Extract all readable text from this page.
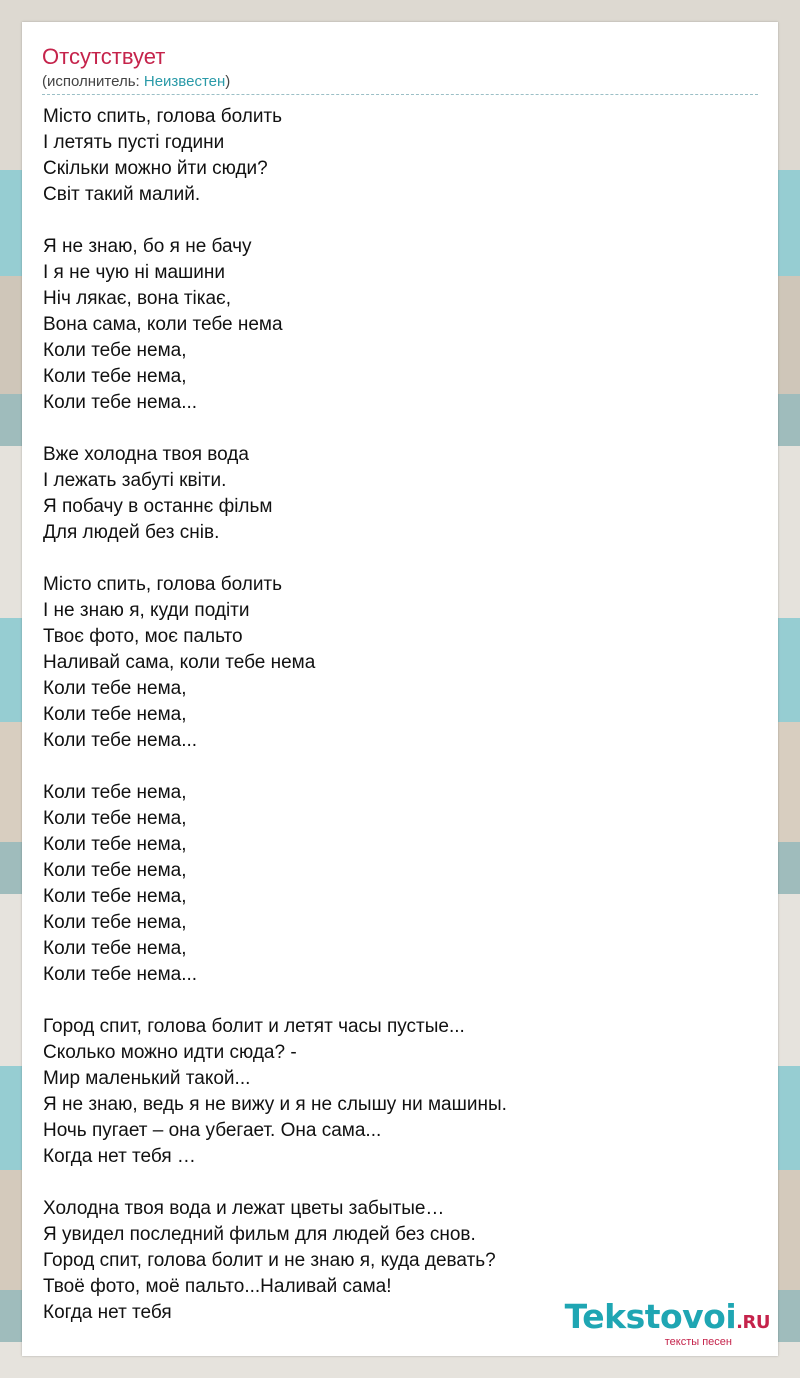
Отсутствует
(исполнитель: Неизвестен)
Місто спить, голова болить
І летять пусті години
Скільки можно йти сюди?
Світ такий малий.
Я не знаю, бо я не бачу
І я не чую ні машини
Ніч лякає, вона тікає,
Вона сама, коли тебе нема
Коли тебе нема,
Коли тебе нема,
Коли тебе нема...
Вже холодна твоя вода
І лежать забуті квіти.
Я побачу в останнє фільм
Для людей без снів.
Місто спить, голова болить
І не знаю я, куди подіти
Твоє фото, моє пальто
Наливай сама, коли тебе нема
Коли тебе нема,
Коли тебе нема,
Коли тебе нема...
Коли тебе нема,
Коли тебе нема,
Коли тебе нема,
Коли тебе нема,
Коли тебе нема,
Коли тебе нема,
Коли тебе нема,
Коли тебе нема...
Город спит, голова болит и летят часы пустые...
Сколько можно идти сюда? -
Мир маленький такой...
Я не знаю, ведь я не вижу и я не слышу ни машины.
Ночь пугает – она убегает. Она сама...
Когда нет тебя …
Холодна твоя вода и лежат цветы забытые…
Я увидел последний фильм для людей без снов.
Город спит, голова болит и не знаю я, куда девать?
Твоё фото, моё пальто...Наливай сама!
Когда нет тебя	Tekstovoi.RU
тексты песен
